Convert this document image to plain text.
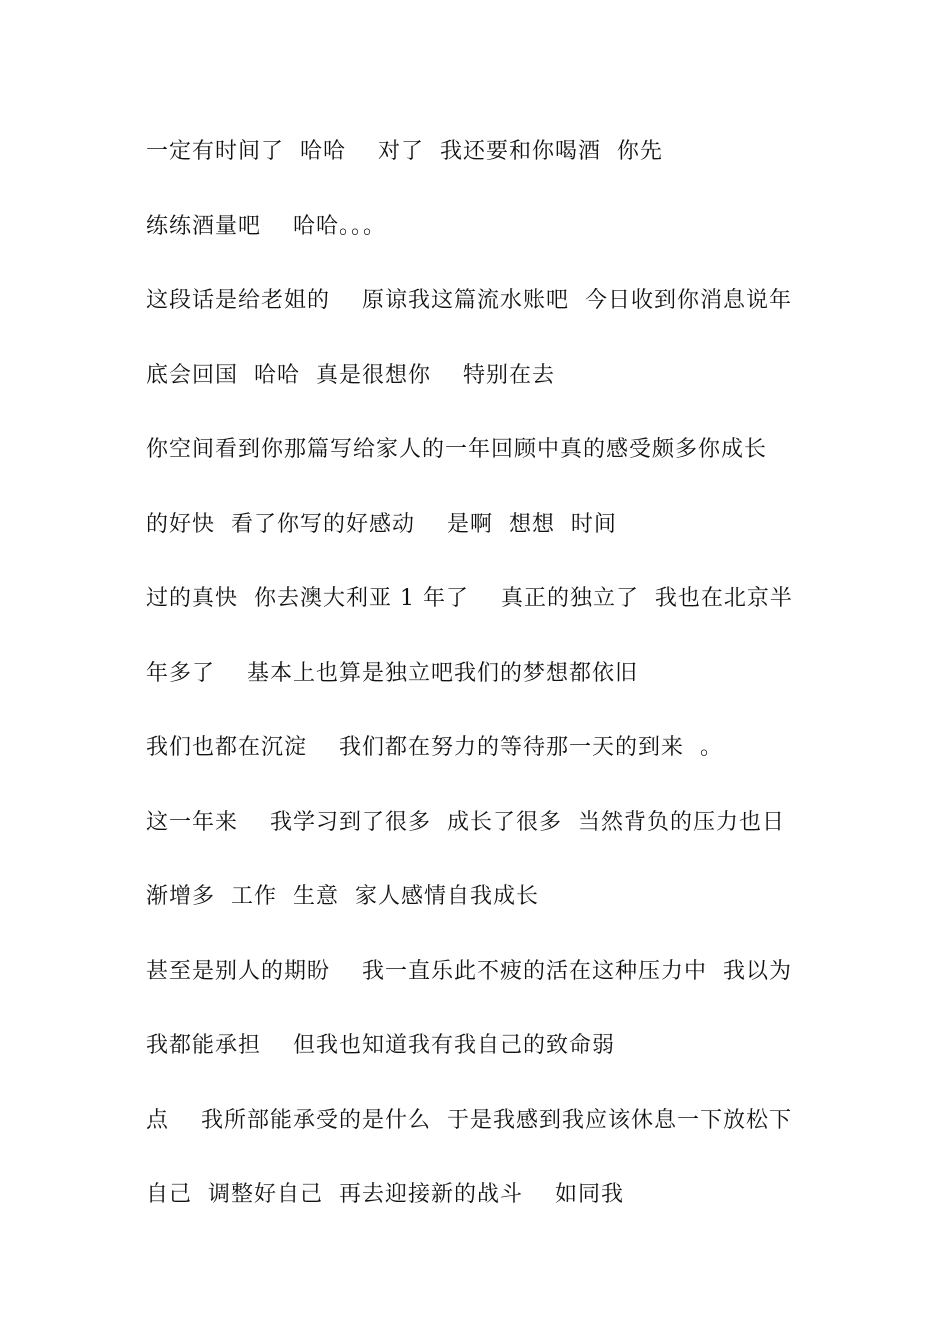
一定有时间了  哈哈    对了  我还要和你喝酒  你先
练练酒量吧    哈哈。。。
这段话是给老姐的    原谅我这篇流水账吧  今日收到你消息说年
底会回国  哈哈  真是很想你    特别在去
你空间看到你那篇写给家人的一年回顾中真的感受颇多你成长
的好快  看了你写的好感动    是啊  想想  时间
过的真快  你去澳大利亚 1 年了    真正的独立了  我也在北京半
年多了    基本上也算是独立吧我们的梦想都依旧
我们也都在沉淀    我们都在努力的等待那一天的到来  。
这一年来    我学习到了很多  成长了很多  当然背负的压力也日
渐增多  工作  生意  家人感情自我成长
甚至是别人的期盼    我一直乐此不疲的活在这种压力中  我以为
我都能承担    但我也知道我有我自己的致命弱
点    我所部能承受的是什么  于是我感到我应该休息一下放松下
自己  调整好自己  再去迎接新的战斗    如同我
